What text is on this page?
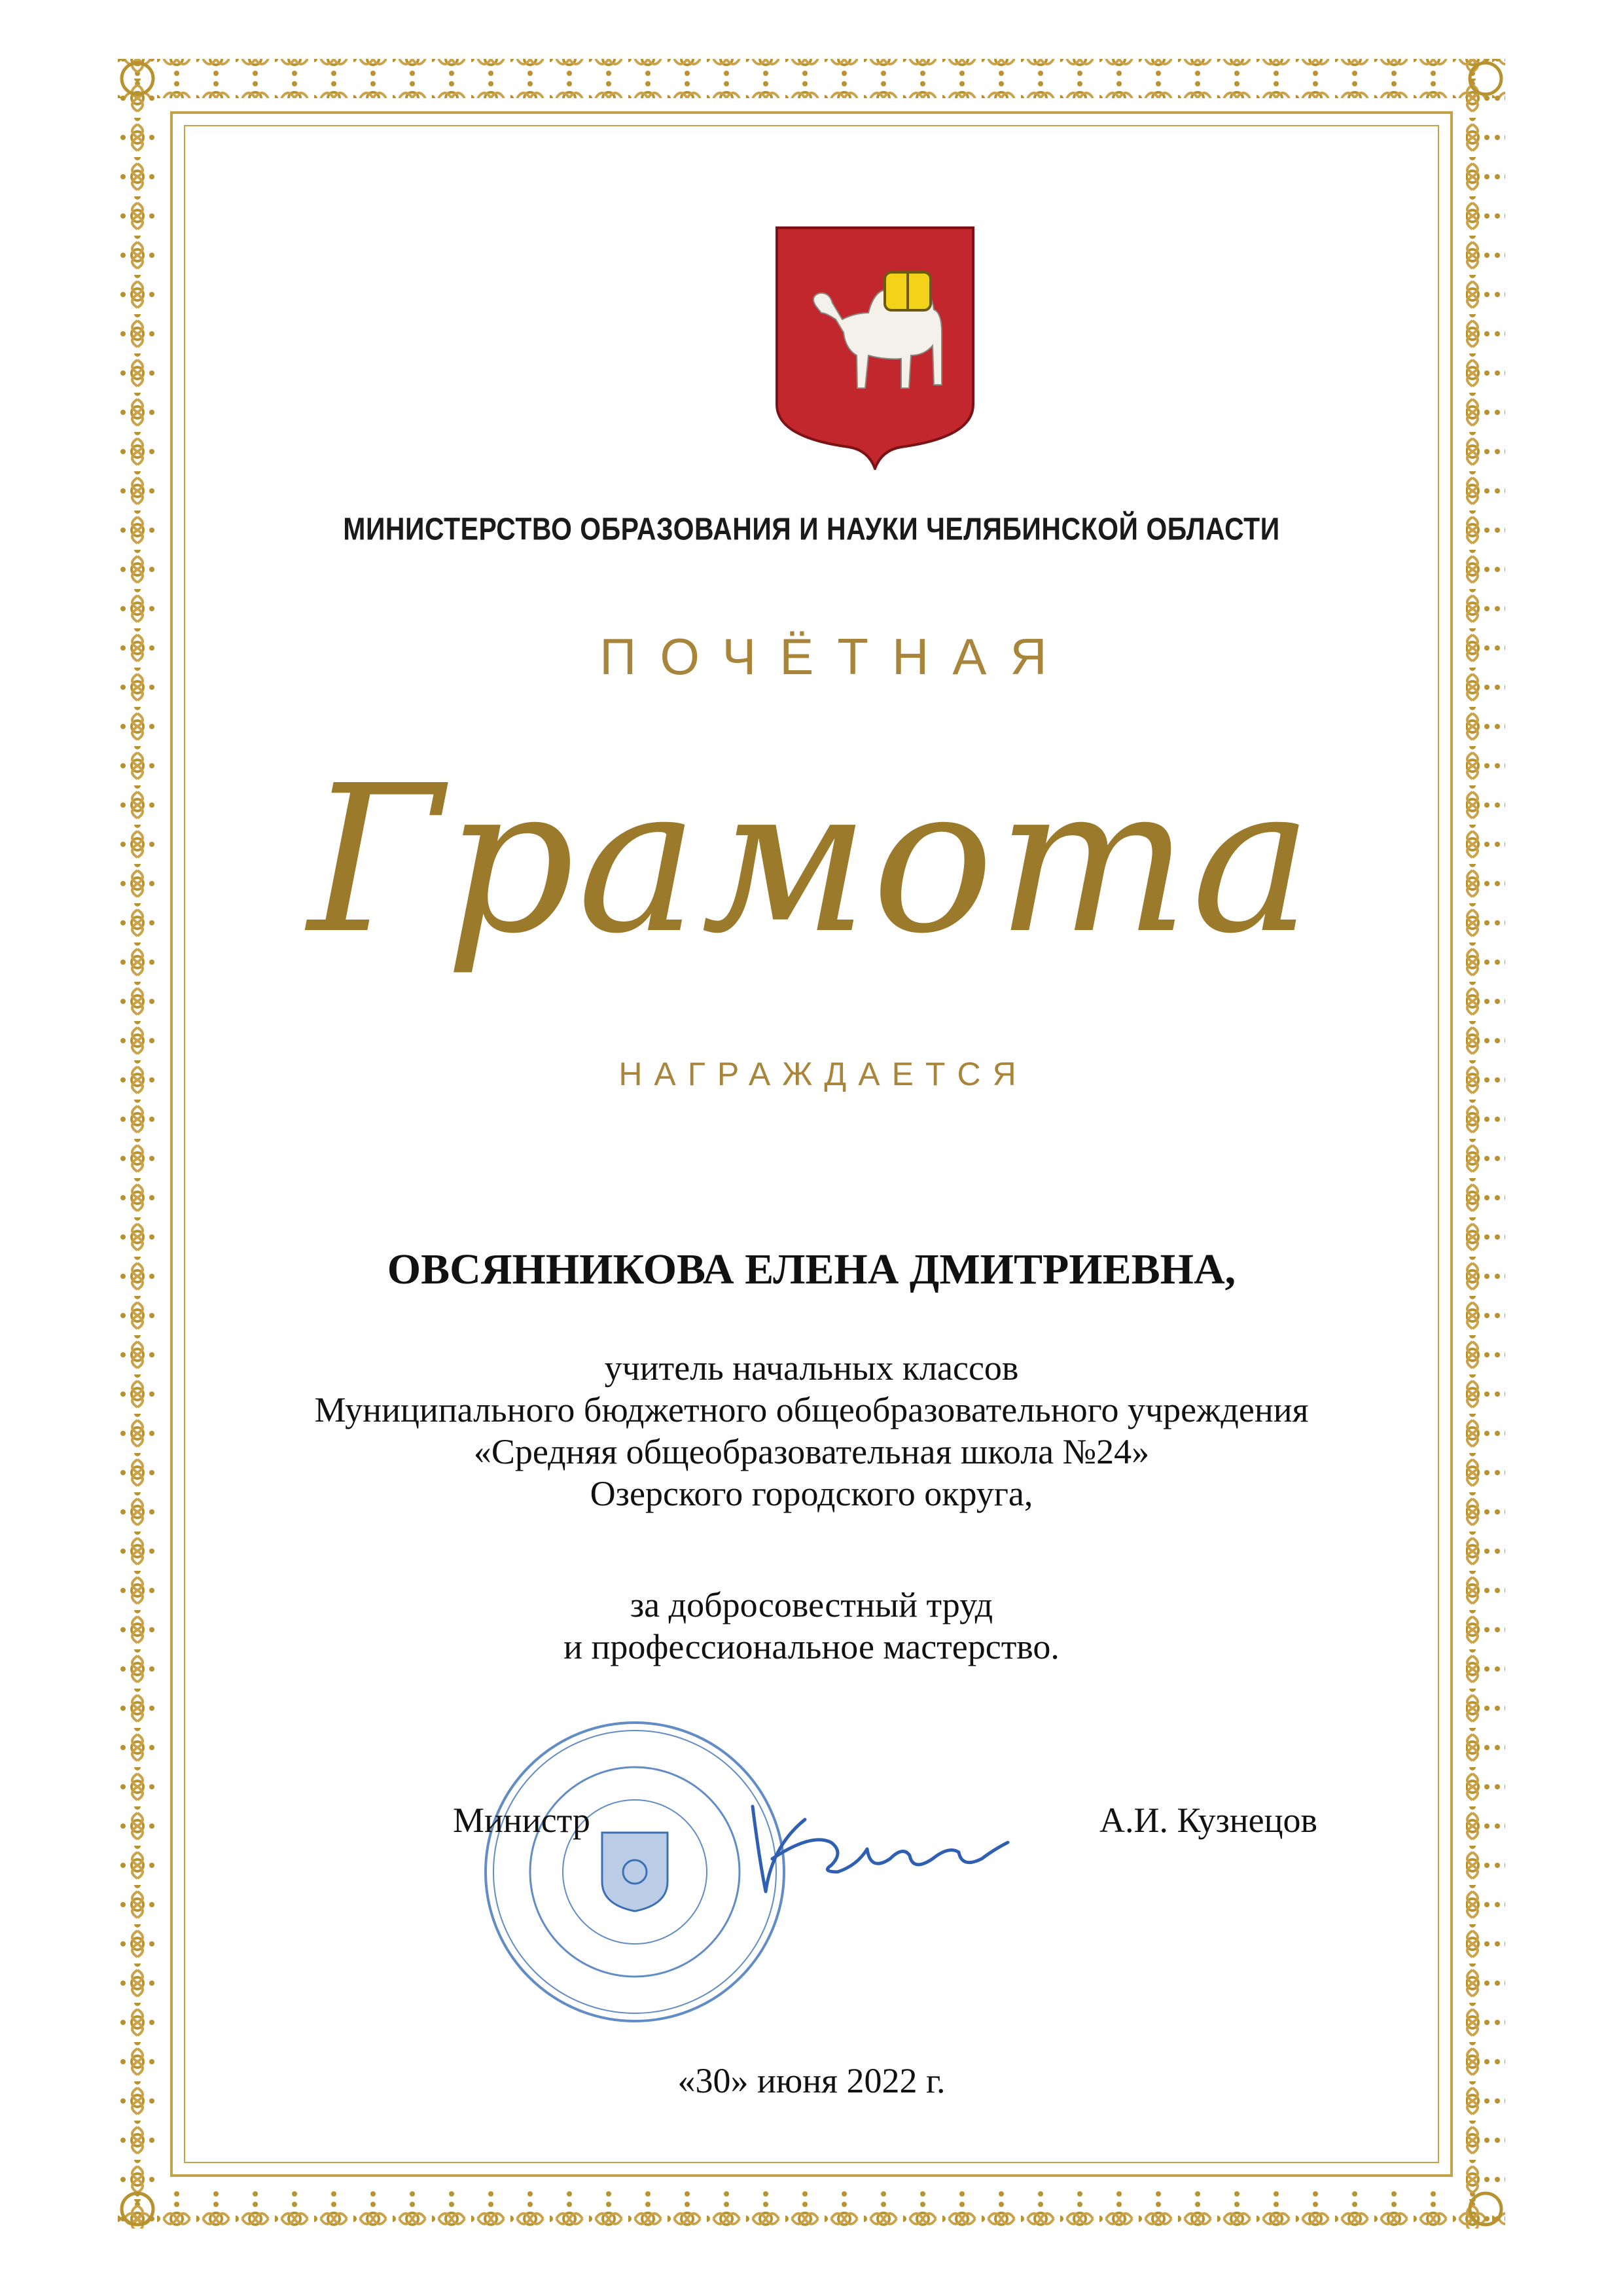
МИНИСТЕРСТВО ОБРАЗОВАНИЯ И НАУКИ ЧЕЛЯБИНСКОЙ ОБЛАСТИ
ПОЧЁТНАЯ
Грамота
НАГРАЖДАЕТСЯ
ОВСЯННИКОВА ЕЛЕНА ДМИТРИЕВНА,
учитель начальных классов
Муниципального бюджетного общеобразовательного учреждения
«Средняя общеобразовательная школа №24»
Озерского городского округа,
за добросовестный труд
и профессиональное мастерство.
Министр	А.И. Кузнецов
«30» июня 2022 г.
